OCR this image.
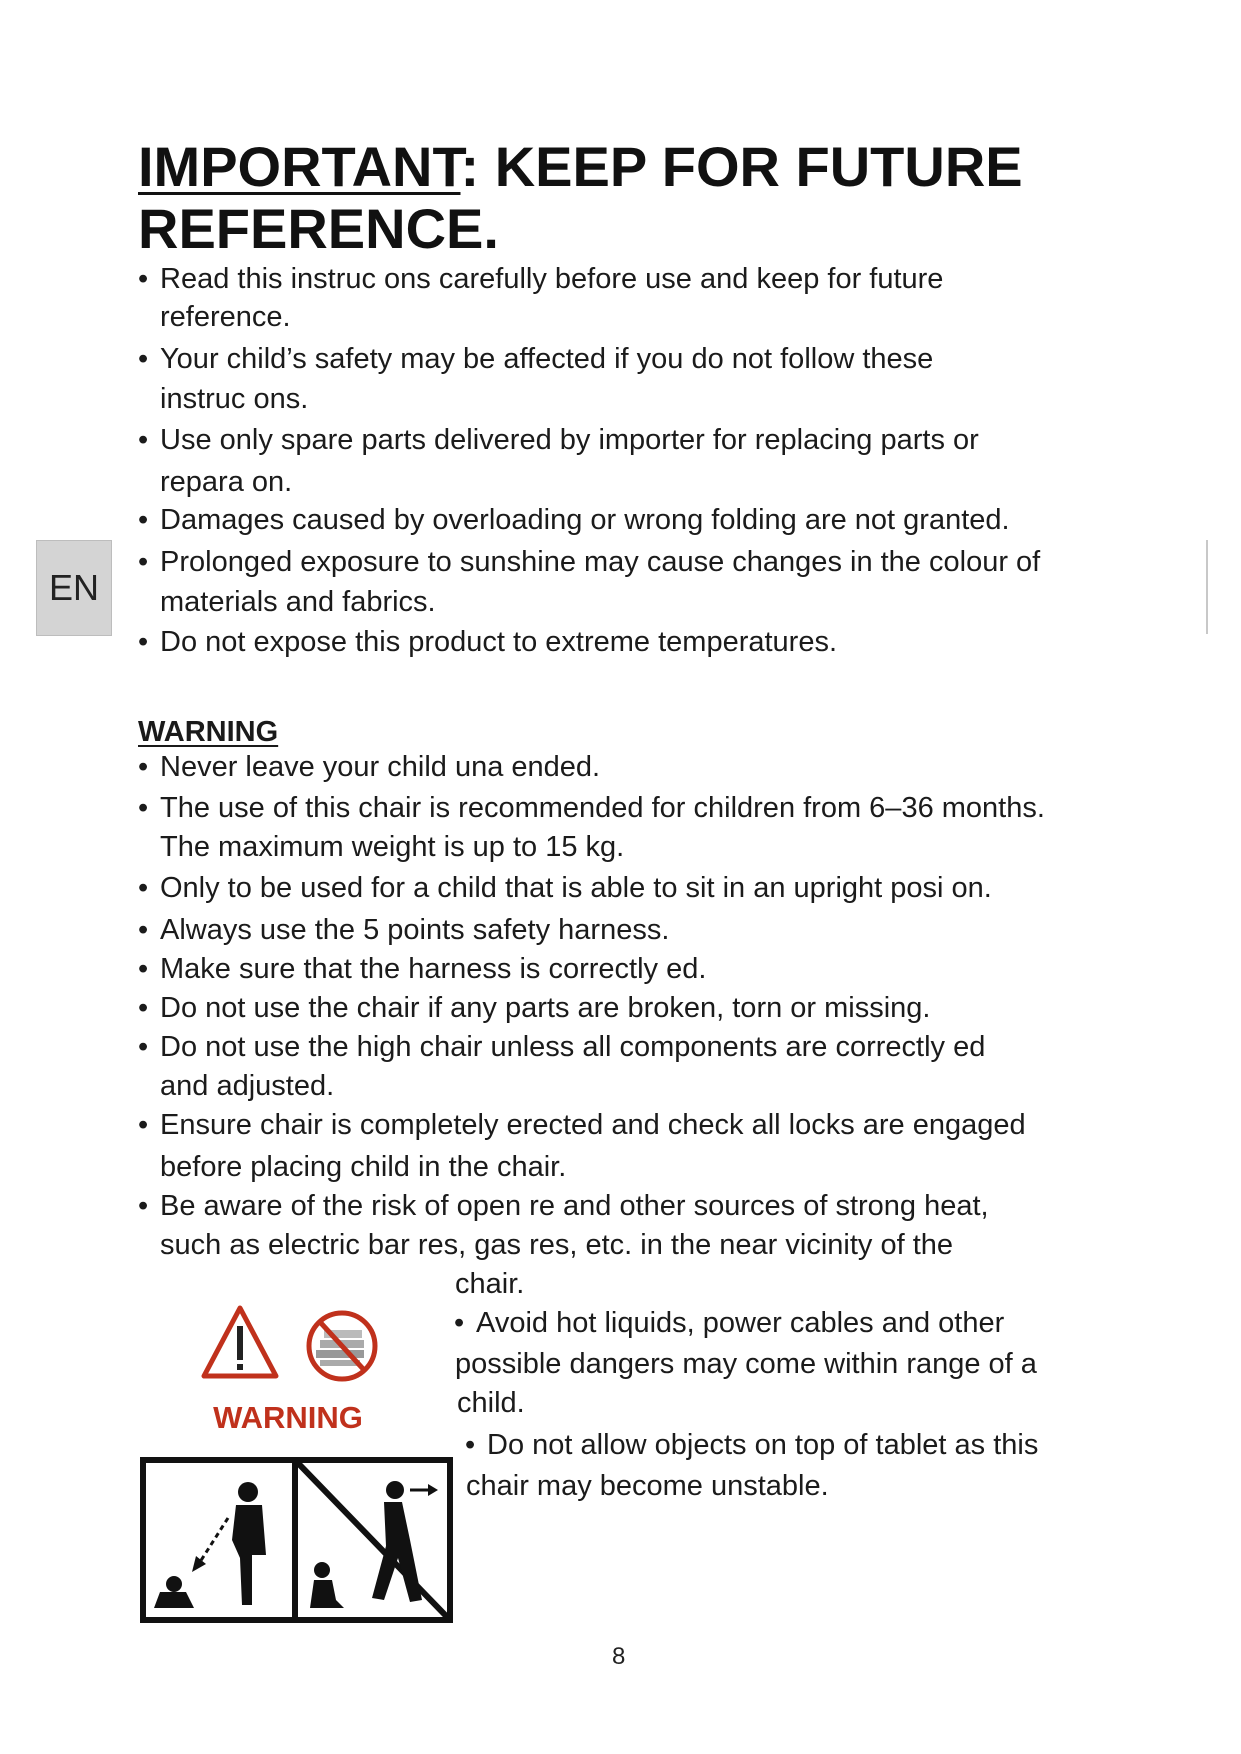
IMPORTANT: KEEP FOR FUTURE
REFERENCE.
EN
• Read this instruc ons carefully before use and keep for future
reference.
• Your child’s safety may be affected if you do not follow these
instruc ons.
• Use only spare parts delivered by importer for replacing parts or
repara on.
• Damages caused by overloading or wrong folding are not granted.
• Prolonged exposure to sunshine may cause changes in the colour of
materials and fabrics.
• Do not expose this product to extreme temperatures.
WARNING
• Never leave your child una ended.
• The use of this chair is recommended for children from 6–36 months.
The maximum weight is up to 15 kg.
• Only to be used for a child that is able to sit in an upright posi on.
• Always use the 5 points safety harness.
• Make sure that the harness is correctly ed.
• Do not use the chair if any parts are broken, torn or missing.
• Do not use the high chair unless all components are correctly ed
and adjusted.
• Ensure chair is completely erected and check all locks are engaged
before placing child in the chair.
• Be aware of the risk of open re and other sources of strong heat,
such as electric bar res, gas res, etc. in the near vicinity of the
chair.
• Avoid hot liquids, power cables and other
possible dangers may come within range of a
child.
• Do not allow objects on top of tablet as this
chair may become unstable.
WARNING
8
